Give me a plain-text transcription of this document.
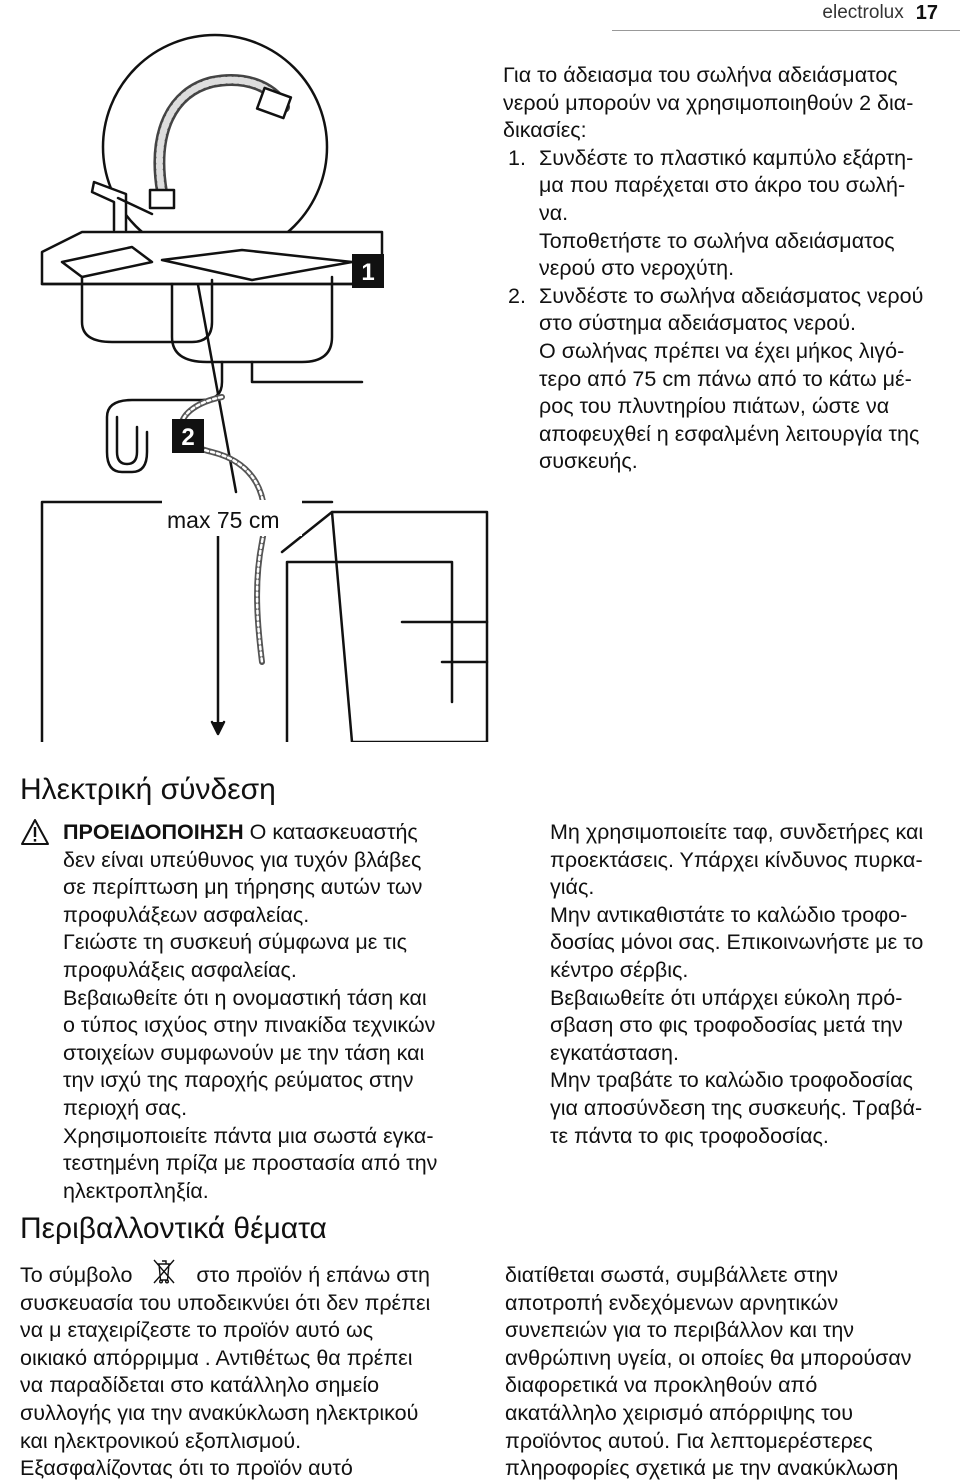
electrolux 17
1
2
max 75 cm

Για το άδειασμα του σωλήνα αδειάσματος
νερού μπορούν να χρησιμοποιηθούν 2 δια-
δικασίες:

1. Συνδέστε το πλαστικό καμπύλο εξάρτη-
μα που παρέχεται στο άκρο του σωλή-
να.
Τοποθετήστε το σωλήνα αδειάσματος
νερού στο νεροχύτη.
2. Συνδέστε το σωλήνα αδειάσματος νερού
στο σύστημα αδειάσματος νερού.
Ο σωλήνας πρέπει να έχει μήκος λιγό-
τερο από 75 cm πάνω από το κάτω μέ-
ρος του πλυντηρίου πιάτων, ώστε να
αποφευχθεί η εσφαλμένη λειτουργία της
συσκευής.
Ηλεκτρική σύνδεση

ΠΡΟΕΙΔΟΠΟΙΗΣΗ Ο κατασκευαστής
δεν είναι υπεύθυνος για τυχόν βλάβες
σε περίπτωση μη τήρησης αυτών των
προφυλάξεων ασφαλείας.
Γειώστε τη συσκευή σύμφωνα με τις
προφυλάξεις ασφαλείας.
Βεβαιωθείτε ότι η ονομαστική τάση και
ο τύπος ισχύος στην πινακίδα τεχνικών
στοιχείων συμφωνούν με την τάση και
την ισχύ της παροχής ρεύματος στην
περιοχή σας.
Χρησιμοποιείτε πάντα μια σωστά εγκα-
τεστημένη πρίζα με προστασία από την
ηλεκτροπληξία.

Μη χρησιμοποιείτε ταφ, συνδετήρες και
προεκτάσεις. Υπάρχει κίνδυνος πυρκα-
γιάς.
Μην αντικαθιστάτε το καλώδιο τροφο-
δοσίας μόνοι σας. Επικοινωνήστε με το
κέντρο σέρβις.
Βεβαιωθείτε ότι υπάρχει εύκολη πρό-
σβαση στο φις τροφοδοσίας μετά την
εγκατάσταση.
Μην τραβάτε το καλώδιο τροφοδοσίας
για αποσύνδεση της συσκευής. Τραβά-
τε πάντα το φις τροφοδοσίας.

Περιβαλλοντικά θέματα

Το σύμβολο	στο προϊόν ή επάνω στη
συσκευασία του υποδεικνύει ότι δεν πρέπει
να μ εταχειρίζεστε το προϊόν αυτό ως
οικιακό απόρριμμα . Αντιθέτως θα πρέπει
να παραδίδεται στο κατάλληλο σημείο
συλλογής για την ανακύκλωση ηλεκτρικού
και ηλεκτρονικού εξοπλισμού.
Εξασφαλίζοντας ότι το προϊόν αυτό

διατίθεται σωστά, συμβάλλετε στην
αποτροπή ενδεχόμενων αρνητικών
συνεπειών για το περιβάλλον και την
ανθρώπινη υγεία, οι οποίες θα μπορούσαν
διαφορετικά να προκληθούν από
ακατάλληλο χειρισμό απόρριψης του
προϊόντος αυτού. Για λεπτομερέστερες
πληροφορίες σχετικά με την ανακύκλωση
